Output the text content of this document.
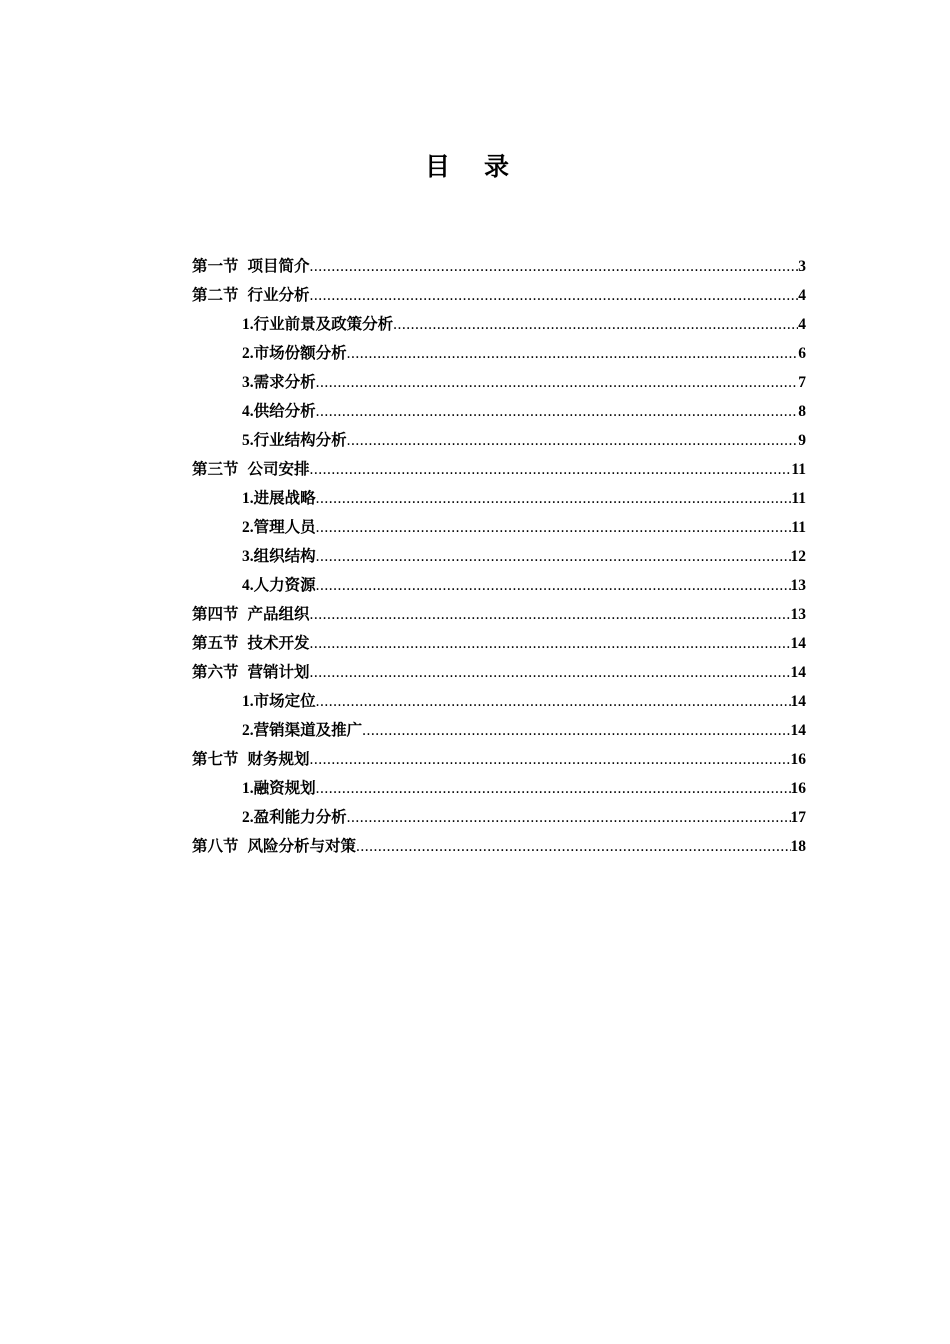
目录
第一节 项目简介 .....	3
第二节 行业分析 .....	4
1.行业前景及政策分析 .....	4
2.市场份额分析 .....	6
3.需求分析 .....	7
4.供给分析 .....	8
5.行业结构分析 .....	9
第三节 公司安排 .....	11
1.进展战略 .....	11
2.管理人员 .....	11
3.组织结构 .....	12
4.人力资源 .....	13
第四节 产品组织 .....	13
第五节 技术开发 .....	14
第六节 营销计划 .....	14
1.市场定位 .....	14
2.营销渠道及推广 .....	14
第七节 财务规划 .....	16
1.融资规划 .....	16
2.盈利能力分析 .....	17
第八节 风险分析与对策 .....	18
